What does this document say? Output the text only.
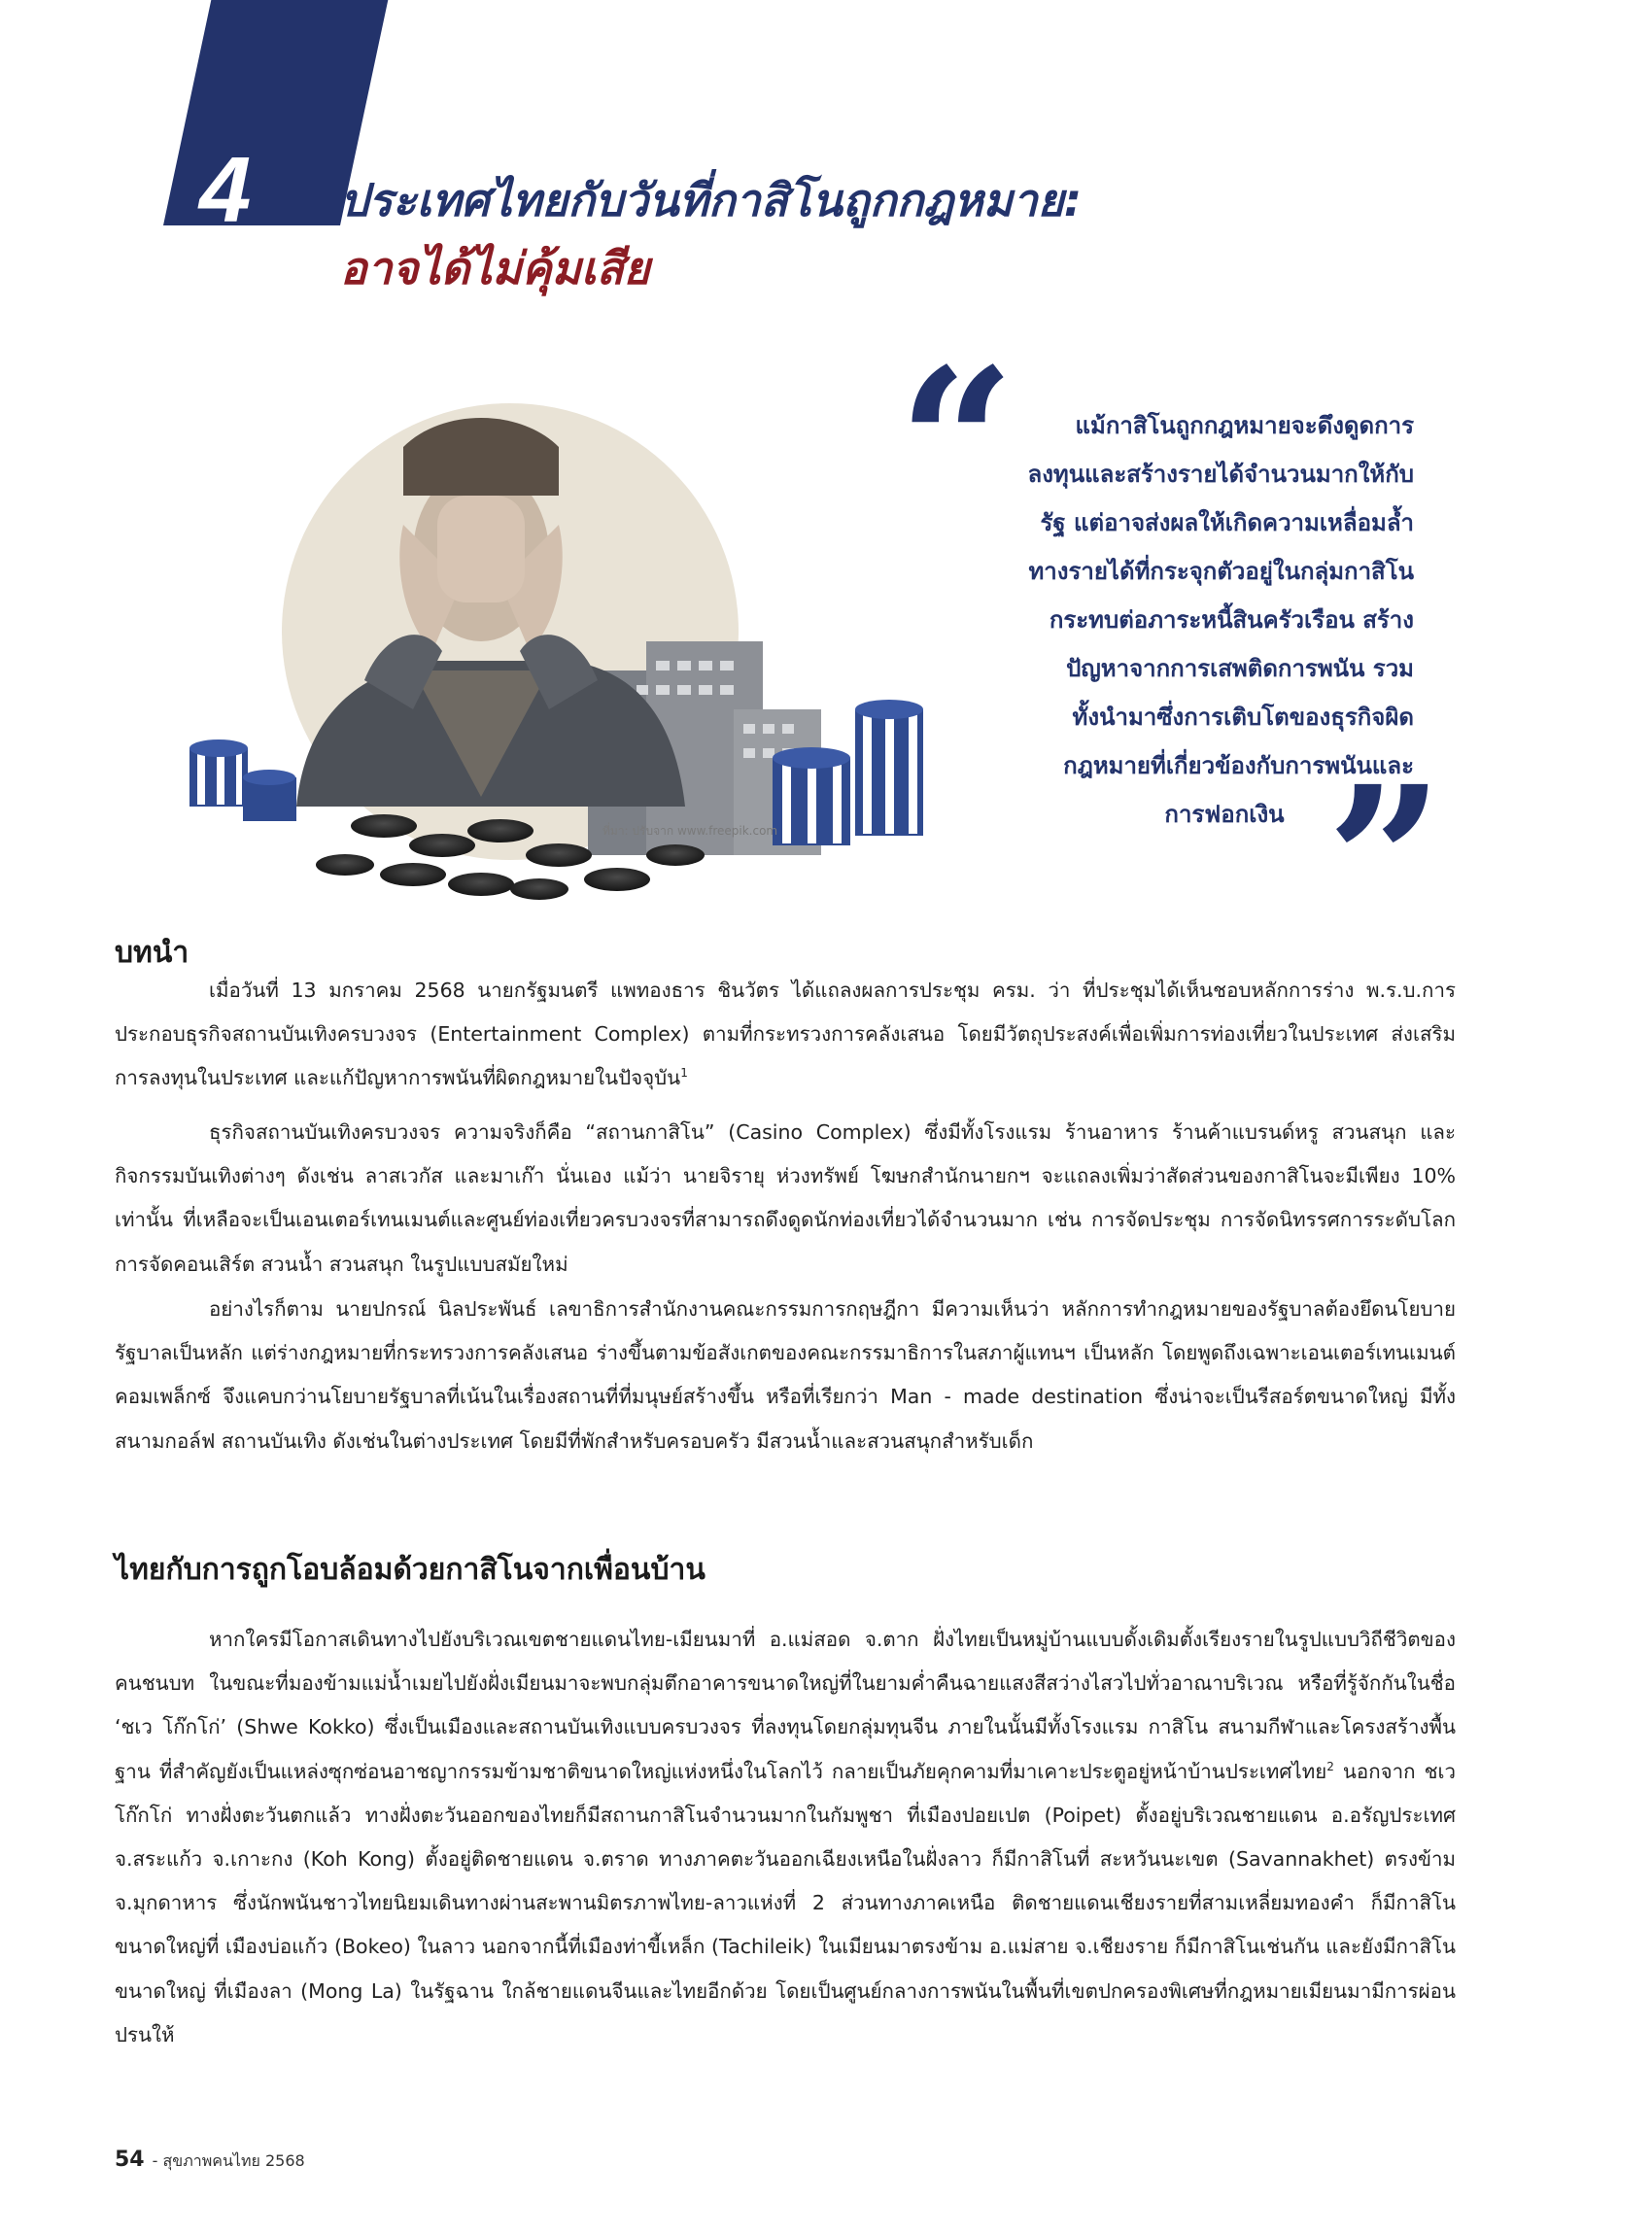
4 ประเทศไทยกับวันที่กาสิโนถูกกฎหมาย:
อาจได้ไม่คุ้มเสีย
ที่มา: ปรับจาก www.freepik.com
“	แม้กาสิโนถูกกฎหมายจะดึงดูดการ
ลงทุนและสร้างรายได้จำนวนมากให้กับ
รัฐ แต่อาจส่งผลให้เกิดความเหลื่อมล้ำ
ทางรายได้ที่กระจุกตัวอยู่ในกลุ่มกาสิโน
กระทบต่อภาระหนี้สินครัวเรือน สร้าง
ปัญหาจากการเสพติดการพนัน รวม
ทั้งนำมาซึ่งการเติบโตของธุรกิจผิด
กฎหมายที่เกี่ยวข้องกับการพนันและ
การฟอกเงิน ”
บทนำ

เมื่อวันที่ 13 มกราคม 2568 นายกรัฐมนตรี แพทองธาร ชินวัตร ได้แถลงผลการประชุม ครม. ว่า ที่ประชุมได้เห็นชอบหลักการร่าง พ.ร.บ.การประกอบธุรกิจสถานบันเทิงครบวงจร (Entertainment Complex) ตามที่กระทรวงการคลังเสนอ โดยมีวัตถุประสงค์เพื่อเพิ่มการท่องเที่ยวในประเทศ ส่งเสริมการลงทุนในประเทศ และแก้ปัญหาการพนันที่ผิดกฎหมายในปัจจุบัน$^1$

ธุรกิจสถานบันเทิงครบวงจร ความจริงก็คือ “สถานกาสิโน” (Casino Complex) ซึ่งมีทั้งโรงแรม ร้านอาหาร ร้านค้าแบรนด์หรู สวนสนุก และกิจกรรมบันเทิงต่างๆ ดังเช่น ลาสเวกัส และมาเก๊า นั่นเอง แม้ว่า นายจิรายุ ห่วงทรัพย์ โฆษกสำนักนายกฯ จะแถลงเพิ่มว่าสัดส่วนของกาสิโนจะมีเพียง 10% เท่านั้น ที่เหลือจะเป็นเอนเตอร์เทนเมนต์และศูนย์ท่องเที่ยวครบวงจรที่สามารถดึงดูดนักท่องเที่ยวได้จำนวนมาก เช่น การจัดประชุม การจัดนิทรรศการระดับโลก การจัดคอนเสิร์ต สวนน้ำ สวนสนุก ในรูปแบบสมัยใหม่

อย่างไรก็ตาม นายปกรณ์ นิลประพันธ์ เลขาธิการสำนักงานคณะกรรมการกฤษฎีกา มีความเห็นว่า หลักการทำกฎหมายของรัฐบาลต้องยึดนโยบายรัฐบาลเป็นหลัก แต่ร่างกฎหมายที่กระทรวงการคลังเสนอ ร่างขึ้นตามข้อสังเกตของคณะกรรมาธิการในสภาผู้แทนฯ เป็นหลัก โดยพูดถึงเฉพาะเอนเตอร์เทนเมนต์คอมเพล็กซ์ จึงแคบกว่านโยบายรัฐบาลที่เน้นในเรื่องสถานที่ที่มนุษย์สร้างขึ้น หรือที่เรียกว่า Man - made destination ซึ่งน่าจะเป็นรีสอร์ตขนาดใหญ่ มีทั้งสนามกอล์ฟ สถานบันเทิง ดังเช่นในต่างประเทศ โดยมีที่พักสำหรับครอบครัว มีสวนน้ำและสวนสนุกสำหรับเด็ก

ไทยกับการถูกโอบล้อมด้วยกาสิโนจากเพื่อนบ้าน

หากใครมีโอกาสเดินทางไปยังบริเวณเขตชายแดนไทย-เมียนมาที่ อ.แม่สอด จ.ตาก ฝั่งไทยเป็นหมู่บ้านแบบดั้งเดิมตั้งเรียงรายในรูปแบบวิถีชีวิตของคนชนบท ในขณะที่มองข้ามแม่น้ำเมยไปยังฝั่งเมียนมาจะพบกลุ่มตึกอาคารขนาดใหญ่ที่ในยามค่ำคืนฉายแสงสีสว่างไสวไปทั่วอาณาบริเวณ หรือที่รู้จักกันในชื่อ ‘ชเว โก๊กโก่’ (Shwe Kokko) ซึ่งเป็นเมืองและสถานบันเทิงแบบครบวงจร ที่ลงทุนโดยกลุ่มทุนจีน ภายในนั้นมีทั้งโรงแรม กาสิโน สนามกีฬาและโครงสร้างพื้นฐาน ที่สำคัญยังเป็นแหล่งซุกซ่อนอาชญากรรมข้ามชาติขนาดใหญ่แห่งหนึ่งในโลกไว้ กลายเป็นภัยคุกคามที่มาเคาะประตูอยู่หน้าบ้านประเทศไทย$^2$ นอกจาก ชเว โก๊กโก่ ทางฝั่งตะวันตกแล้ว ทางฝั่งตะวันออกของไทยก็มีสถานกาสิโนจำนวนมากในกัมพูชา ที่เมืองปอยเปต (Poipet) ตั้งอยู่บริเวณชายแดน อ.อรัญประเทศ จ.สระแก้ว จ.เกาะกง (Koh Kong) ตั้งอยู่ติดชายแดน จ.ตราด ทางภาคตะวันออกเฉียงเหนือในฝั่งลาว ก็มีกาสิโนที่ สะหวันนะเขต (Savannakhet) ตรงข้าม จ.มุกดาหาร ซึ่งนักพนันชาวไทยนิยมเดินทางผ่านสะพานมิตรภาพไทย-ลาวแห่งที่ 2 ส่วนทางภาคเหนือ ติดชายแดนเชียงรายที่สามเหลี่ยมทองคำ ก็มีกาสิโนขนาดใหญ่ที่ เมืองบ่อแก้ว (Bokeo) ในลาว นอกจากนี้ที่เมืองท่าขี้เหล็ก (Tachileik) ในเมียนมาตรงข้าม อ.แม่สาย จ.เชียงราย ก็มีกาสิโนเช่นกัน และยังมีกาสิโนขนาดใหญ่ ที่เมืองลา (Mong La) ในรัฐฉาน ใกล้ชายแดนจีนและไทยอีกด้วย โดยเป็นศูนย์กลางการพนันในพื้นที่เขตปกครองพิเศษที่กฎหมายเมียนมามีการผ่อนปรนให้

54 - สุขภาพคนไทย 2568
